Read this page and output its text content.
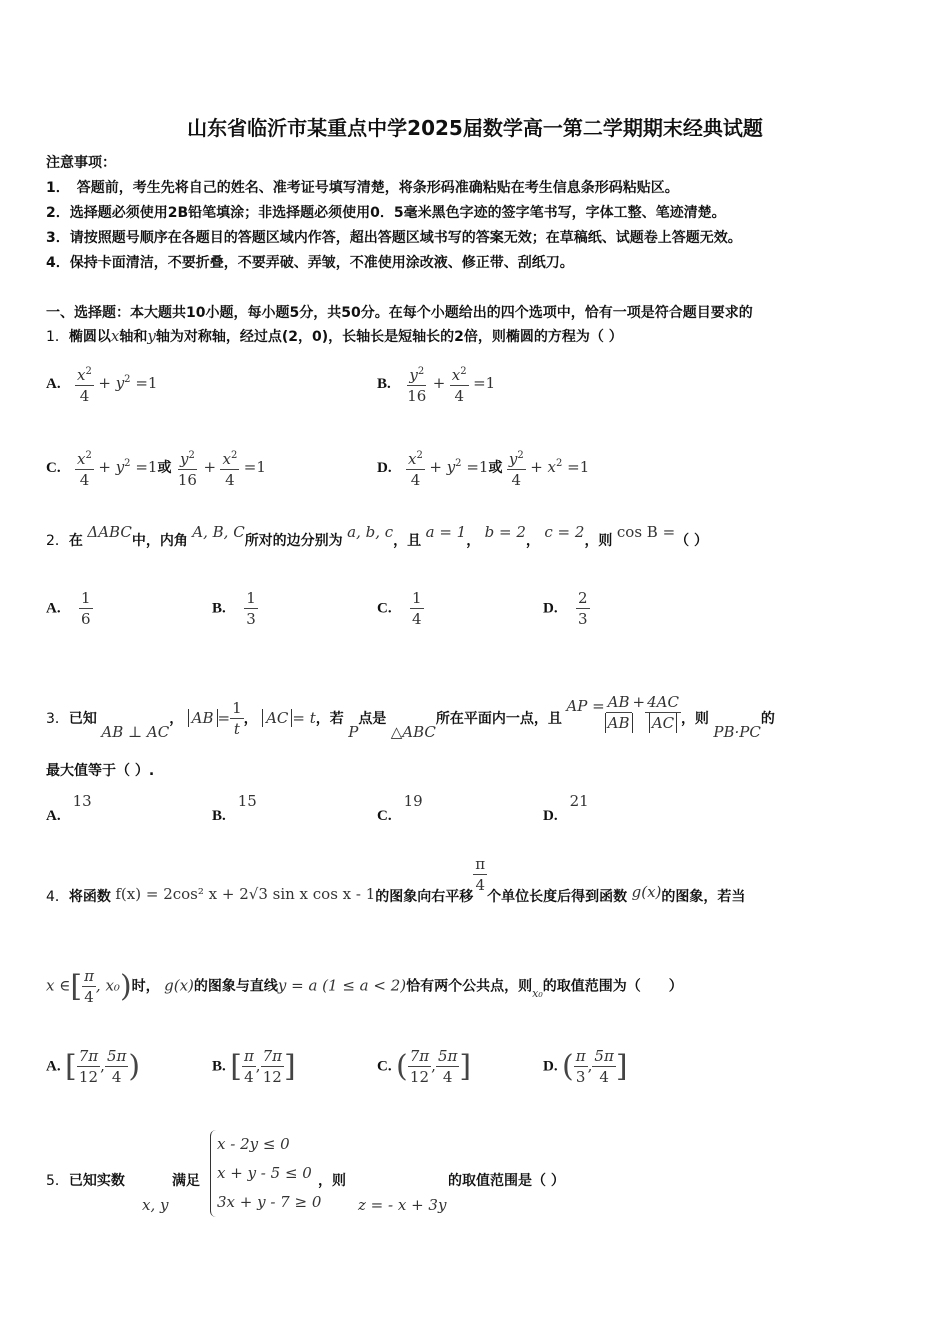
山东省临沂市某重点中学2025届数学高一第二学期期末经典试题
注意事项：
1．　答题前，考生先将自己的姓名、准考证号填写清楚，将条形码准确粘贴在考生信息条形码粘贴区。
2．选择题必须使用2B铅笔填涂；非选择题必须使用0．5毫米黑色字迹的签字笔书写，字体工整、笔迹清楚。
3．请按照题号顺序在各题目的答题区域内作答，超出答题区域书写的答案无效；在草稿纸、试题卷上答题无效。
4．保持卡面清洁，不要折叠，不要弄破、弄皱，不准使用涂改液、修正带、刮纸刀。
一、选择题：本大题共10小题，每小题5分，共50分。在每个小题给出的四个选项中，恰有一项是符合题目要求的
1．椭圆以x轴和y轴为对称轴，经过点(2，0)，长轴长是短轴长的2倍，则椭圆的方程为（ ）
A. $\frac{x^2}{4} + y^2 =1$	B. $\frac{y^2}{16} + \frac{x^2}{4} =1$
C. $\frac{x^2}{4} + y^2 =1$或 $\frac{y^2}{16} + \frac{x^2}{4} =1$	D. $\frac{x^2}{4} + y^2 =1$或 $\frac{y^2}{4} + x^2 =1$
2．在 ΔABC中，内角 A, B, C所对的边分别为 a, b, c，且 a = 1， b = 2， c = 2，则 cos B =（ ）
A. $\frac{1}{6}$	B. $\frac{1}{3}$	C. $\frac{1}{4}$	D. $\frac{2}{3}$
3．已知 AB ⊥ AC， AB = $\frac{1}{t}$ ， AC = t，若 P点是 △ABC所在平面内一点，且 AP = $\frac{AB}{AB} + \frac{4AC}{AC}$ ，则 PB·PC的
最大值等于（ ）.
A.13
B.15
C.19
D.21
4．将函数 f(x) = 2cos² x + 2√3 sin x cos x - 1的图象向右平移
$\frac{\pi}{4}$
个单位长度后得到函数 g(x)的图象，若当
x ∈[ $\frac{\pi}{4}$ , x₀)时， g(x)的图象与直线y = a (1 ≤ a < 2)恰有两个公共点，则$_{x_0}$的取值范围为（　　）
A. [ $\frac{7\pi}{12}$ , $\frac{5\pi}{4}$ )	B. [ $\frac{\pi}{4}$ , $\frac{7\pi}{12}$ ]	C. ( $\frac{7\pi}{12}$ , $\frac{5\pi}{4}$ ]	D. ( $\frac{\pi}{3}$ , $\frac{5\pi}{4}$ ]
5．已知实数
x, y
满足
x - 2y ≤ 0
x + y - 5 ≤ 0
3x + y - 7 ≥ 0
，则
z = - x + 3y
的取值范围是（ ）
